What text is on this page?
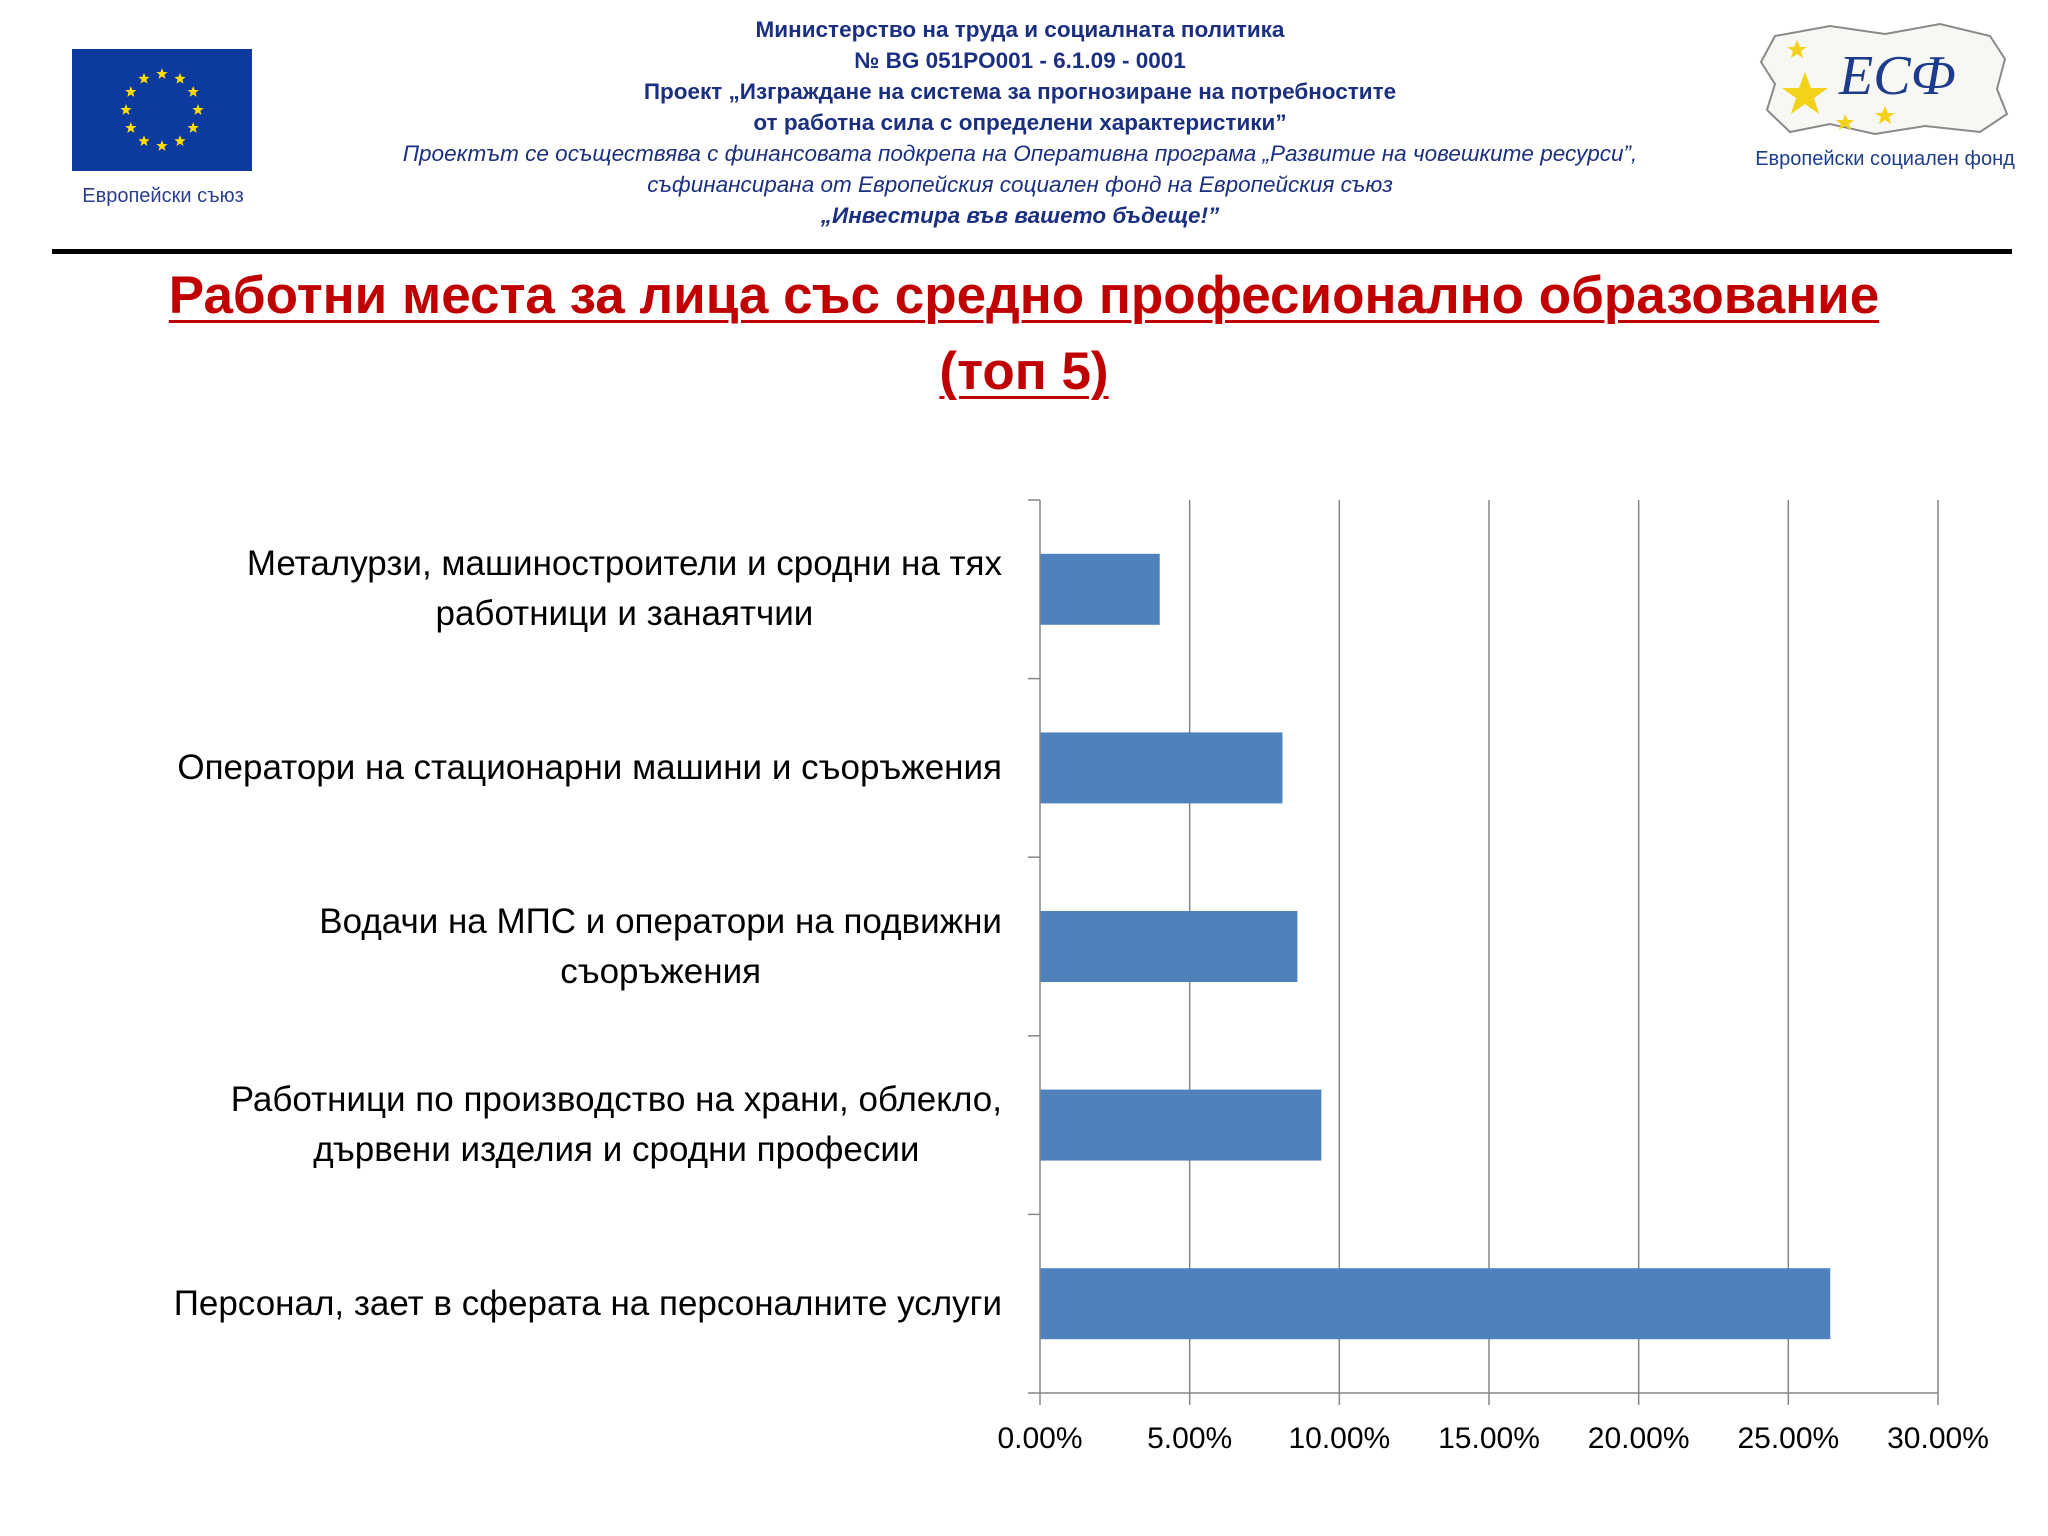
Европейски съюз
Министерство на труда и социалната политика
№ BG 051PO001 - 6.1.09 - 0001
Проект „Изграждане на система за прогнозиране на потребностите
от работна сила с определени характеристики”
Проектът се осъществява с финансовата подкрепа на Оперативна програма „Развитие на човешките ресурси”,
съфинансирана от Европейския социален фонд на Европейския съюз
„Инвестира във вашето бъдеще!”
ЕСФ
Европейски социален фонд
Работни места за лица със средно професионално образование
(топ 5)
0.00% 5.00% 10.00% 15.00% 20.00% 25.00% 30.00%
Металурзи, машиностроители и сродни на тях
работници и занаятчии
Оператори на стационарни машини и съоръжения
Водачи на МПС и оператори на подвижни
съоръжения
Работници по производство на храни, облекло,
дървени изделия и сродни професии
Персонал, зает в сферата на персоналните услуги
